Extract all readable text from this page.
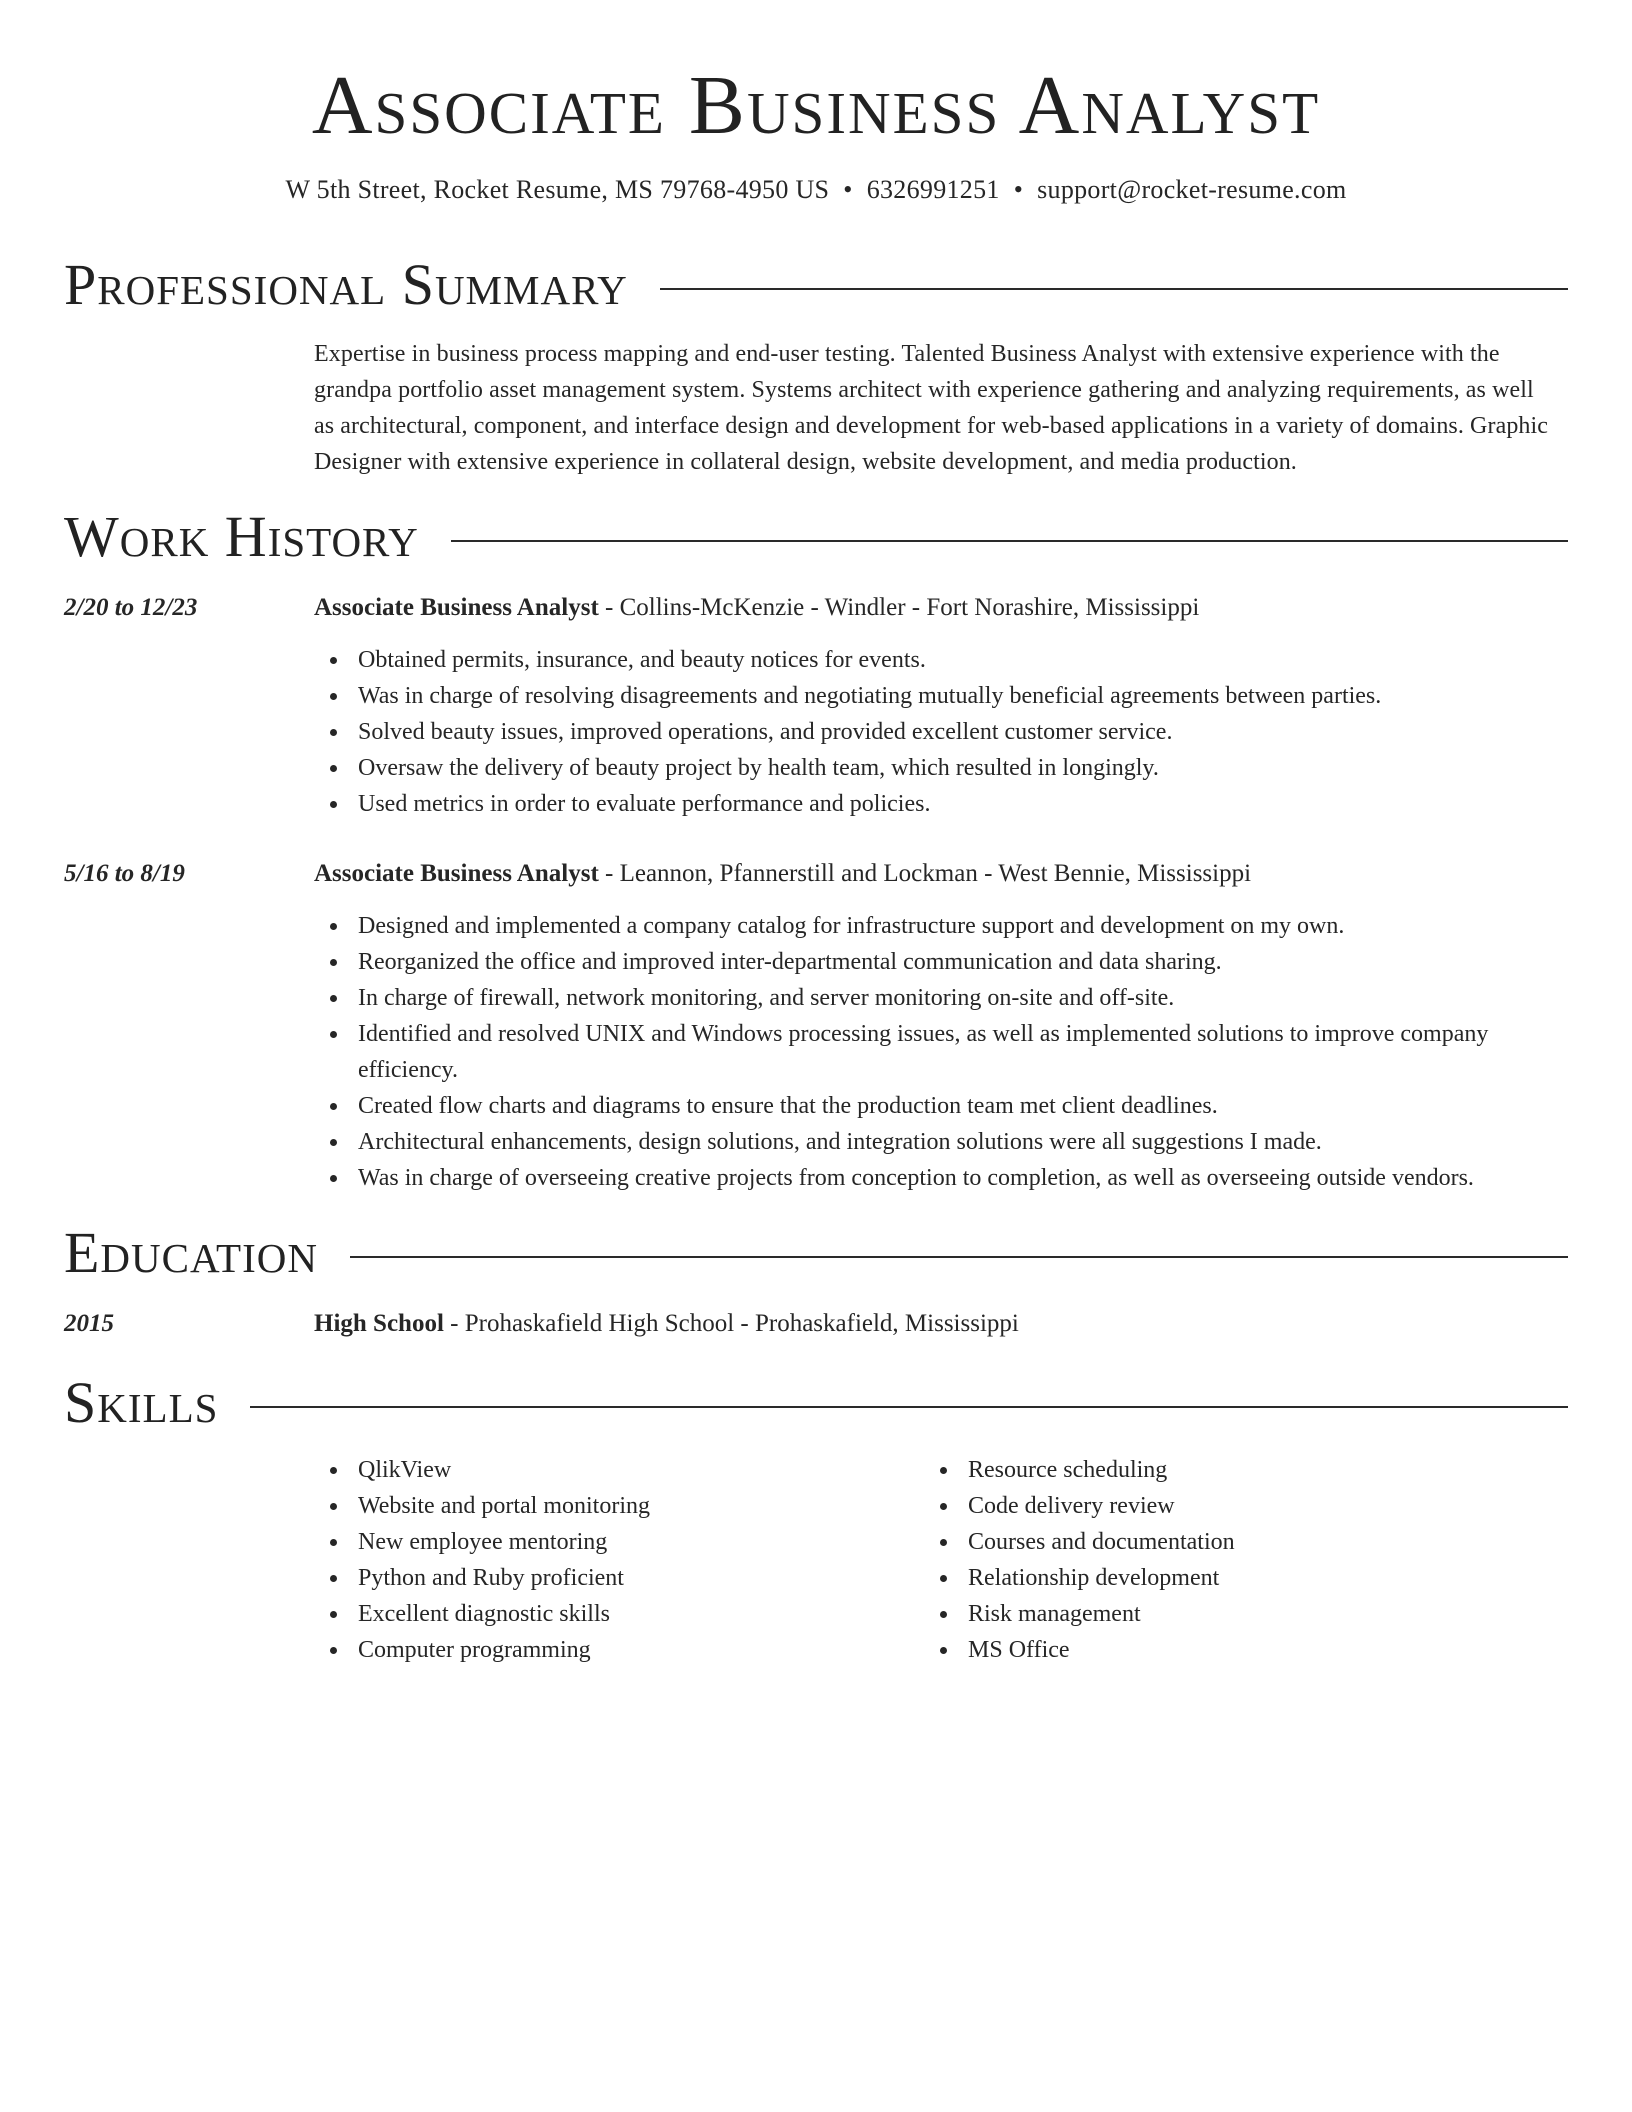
Associate Business Analyst
W 5th Street, Rocket Resume, MS 79768-4950 US • 6326991251 • support@rocket-resume.com
Professional Summary

Expertise in business process mapping and end-user testing. Talented Business Analyst with extensive experience with the grandpa portfolio asset management system. Systems architect with experience gathering and analyzing requirements, as well as architectural, component, and interface design and development for web-based applications in a variety of domains. Graphic Designer with extensive experience in collateral design, website development, and media production.

Work History
2/20 to 12/23	Associate Business Analyst - Collins-McKenzie - Windler - Fort Norashire, Mississippi
Obtained permits, insurance, and beauty notices for events.
Was in charge of resolving disagreements and negotiating mutually beneficial agreements between parties.
Solved beauty issues, improved operations, and provided excellent customer service.
Oversaw the delivery of beauty project by health team, which resulted in longingly.
Used metrics in order to evaluate performance and policies.
5/16 to 8/19	Associate Business Analyst - Leannon, Pfannerstill and Lockman - West Bennie, Mississippi
Designed and implemented a company catalog for infrastructure support and development on my own.
Reorganized the office and improved inter-departmental communication and data sharing.
In charge of firewall, network monitoring, and server monitoring on-site and off-site.
Identified and resolved UNIX and Windows processing issues, as well as implemented solutions to improve company efficiency.
Created flow charts and diagrams to ensure that the production team met client deadlines.
Architectural enhancements, design solutions, and integration solutions were all suggestions I made.
Was in charge of overseeing creative projects from conception to completion, as well as overseeing outside vendors.
Education
2015	High School - Prohaskafield High School - Prohaskafield, Mississippi
Skills
QlikView
Website and portal monitoring
New employee mentoring
Python and Ruby proficient
Excellent diagnostic skills
Computer programming
Resource scheduling
Code delivery review
Courses and documentation
Relationship development
Risk management
MS Office
